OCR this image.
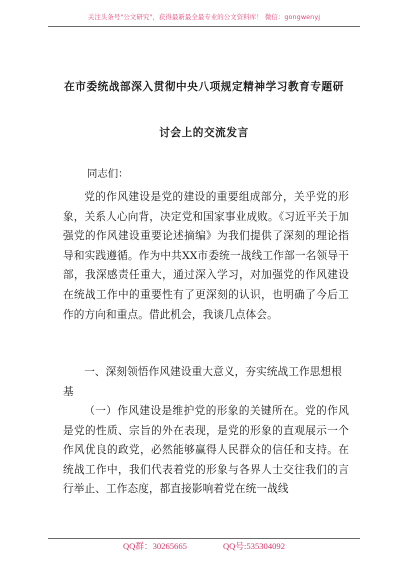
关注头条号"公文研究"，获得最新最全最专业的公文资料库！ 微信：gongwenyj
在市委统战部深入贯彻中央八项规定精神学习教育专题研
讨会上的交流发言
同志们：

党的作风建设是党的建设的重要组成部分，关乎党的形象，关系人心向背，决定党和国家事业成败。《习近平关于加强党的作风建设重要论述摘编》为我们提供了深刻的理论指导和实践遵循。作为中共XX市委统一战线工作部一名领导干部，我深感责任重大，通过深入学习，对加强党的作风建设在统战工作中的重要性有了更深刻的认识，也明确了今后工作的方向和重点。借此机会，我谈几点体会。

一、深刻领悟作风建设重大意义，夯实统战工作思想根基

（一）作风建设是维护党的形象的关键所在。党的作风是党的性质、宗旨的外在表现，是党的形象的直观展示一个作风优良的政党，必然能够赢得人民群众的信任和支持。在统战工作中，我们代表着党的形象与各界人士交往我们的言行举止、工作态度，都直接影响着党在统一战线

QQ群：30265665	QQ号:535304092
